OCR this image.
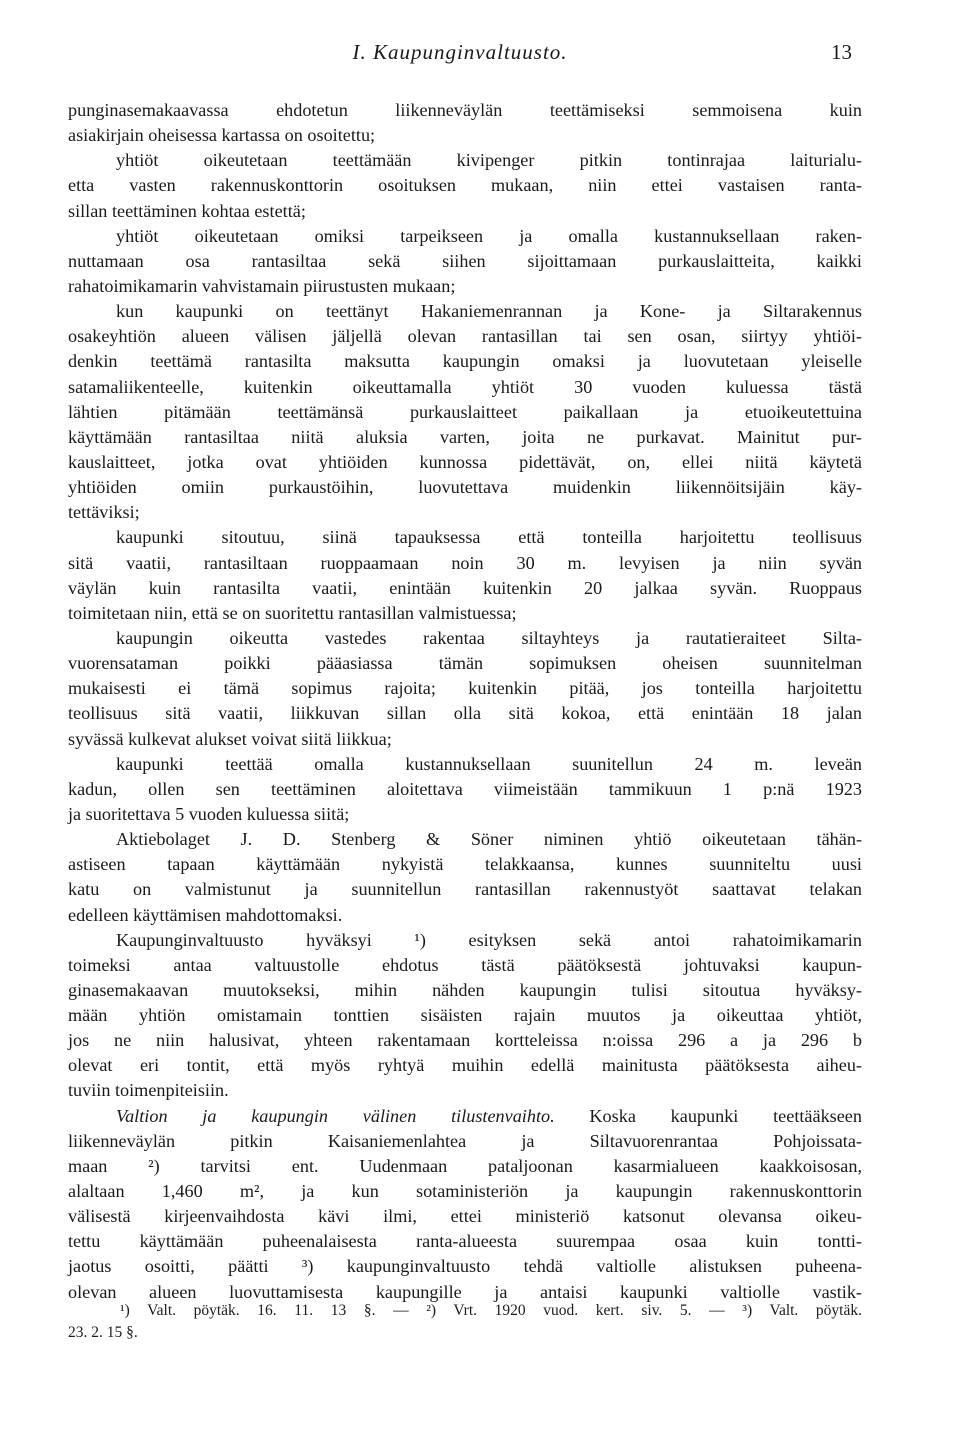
I. Kaupunginvaltuusto.	13
punginasemakaavassa ehdotetun liikenneväylän teettämiseksi semmoisena kuin
asiakirjain oheisessa kartassa on osoitettu;
yhtiöt oikeutetaan teettämään kivipenger pitkin tontinrajaa laiturialu-
etta vasten rakennuskonttorin osoituksen mukaan, niin ettei vastaisen ranta-
sillan teettäminen kohtaa estettä;
yhtiöt oikeutetaan omiksi tarpeikseen ja omalla kustannuksellaan raken-
nuttamaan osa rantasiltaa sekä siihen sijoittamaan purkauslaitteita, kaikki
rahatoimikamarin vahvistamain piirustusten mukaan;
kun kaupunki on teettänyt Hakaniemenrannan ja Kone- ja Siltarakennus
osakeyhtiön alueen välisen jäljellä olevan rantasillan tai sen osan, siirtyy yhtiöi-
denkin teettämä rantasilta maksutta kaupungin omaksi ja luovutetaan yleiselle
satamaliikenteelle, kuitenkin oikeuttamalla yhtiöt 30 vuoden kuluessa tästä
lähtien pitämään teettämänsä purkauslaitteet paikallaan ja etuoikeutettuina
käyttämään rantasiltaa niitä aluksia varten, joita ne purkavat. Mainitut pur-
kauslaitteet, jotka ovat yhtiöiden kunnossa pidettävät, on, ellei niitä käytetä
yhtiöiden omiin purkaustöihin, luovutettava muidenkin liikennöitsijäin käy-
tettäviksi;
kaupunki sitoutuu, siinä tapauksessa että tonteilla harjoitettu teollisuus
sitä vaatii, rantasiltaan ruoppaamaan noin 30 m. levyisen ja niin syvän
väylän kuin rantasilta vaatii, enintään kuitenkin 20 jalkaa syvän. Ruoppaus
toimitetaan niin, että se on suoritettu rantasillan valmistuessa;
kaupungin oikeutta vastedes rakentaa siltayhteys ja rautatieraiteet Silta-
vuorensataman poikki pääasiassa tämän sopimuksen oheisen suunnitelman
mukaisesti ei tämä sopimus rajoita; kuitenkin pitää, jos tonteilla harjoitettu
teollisuus sitä vaatii, liikkuvan sillan olla sitä kokoa, että enintään 18 jalan
syvässä kulkevat alukset voivat siitä liikkua;
kaupunki teettää omalla kustannuksellaan suunitellun 24 m. leveän
kadun, ollen sen teettäminen aloitettava viimeistään tammikuun 1 p:nä 1923
ja suoritettava 5 vuoden kuluessa siitä;
Aktiebolaget J. D. Stenberg & Söner niminen yhtiö oikeutetaan tähän-
astiseen tapaan käyttämään nykyistä telakkaansa, kunnes suunniteltu uusi
katu on valmistunut ja suunnitellun rantasillan rakennustyöt saattavat telakan
edelleen käyttämisen mahdottomaksi.
Kaupunginvaltuusto hyväksyi ¹) esityksen sekä antoi rahatoimikamarin
toimeksi antaa valtuustolle ehdotus tästä päätöksestä johtuvaksi kaupun-
ginasemakaavan muutokseksi, mihin nähden kaupungin tulisi sitoutua hyväksy-
mään yhtiön omistamain tonttien sisäisten rajain muutos ja oikeuttaa yhtiöt,
jos ne niin halusivat, yhteen rakentamaan kortteleissa n:oissa 296 a ja 296 b
olevat eri tontit, että myös ryhtyä muihin edellä mainitusta päätöksesta aiheu-
tuviin toimenpiteisiin.
Valtion ja kaupungin välinen tilustenvaihto. Koska kaupunki teettääkseen
liikenneväylän pitkin Kaisaniemenlahtea ja Siltavuorenrantaa Pohjoissata-
maan ²) tarvitsi ent. Uudenmaan pataljoonan kasarmialueen kaakkoisosan,
alaltaan 1,460 m², ja kun sotaministeriön ja kaupungin rakennuskonttorin
välisestä kirjeenvaihdosta kävi ilmi, ettei ministeriö katsonut olevansa oikeu-
tettu käyttämään puheenalaisesta ranta-alueesta suurempaa osaa kuin tontti-
jaotus osoitti, päätti ³) kaupunginvaltuusto tehdä valtiolle alistuksen puheena-
olevan alueen luovuttamisesta kaupungille ja antaisi kaupunki valtiolle vastik-
¹) Valt. pöytäk. 16. 11. 13 §. — ²) Vrt. 1920 vuod. kert. siv. 5. — ³) Valt. pöytäk.
23. 2. 15 §.
